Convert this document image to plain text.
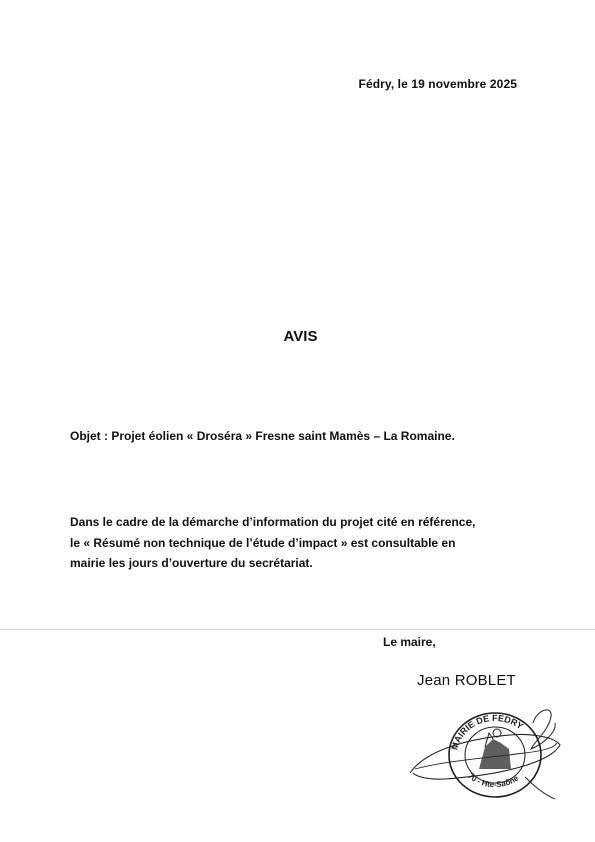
Fédry, le 19 novembre 2025
AVIS
Objet : Projet éolien « Droséra » Fresne saint Mamès – La Romaine.
Dans le cadre de la démarche d’information du projet cité en référence,
le « Résumé non technique de l’étude d’impact » est consultable en
mairie les jours d’ouverture du secrétariat.
Le maire,
Jean ROBLET
MAIRIE DE FEDRY
70 - Hte-Saône
